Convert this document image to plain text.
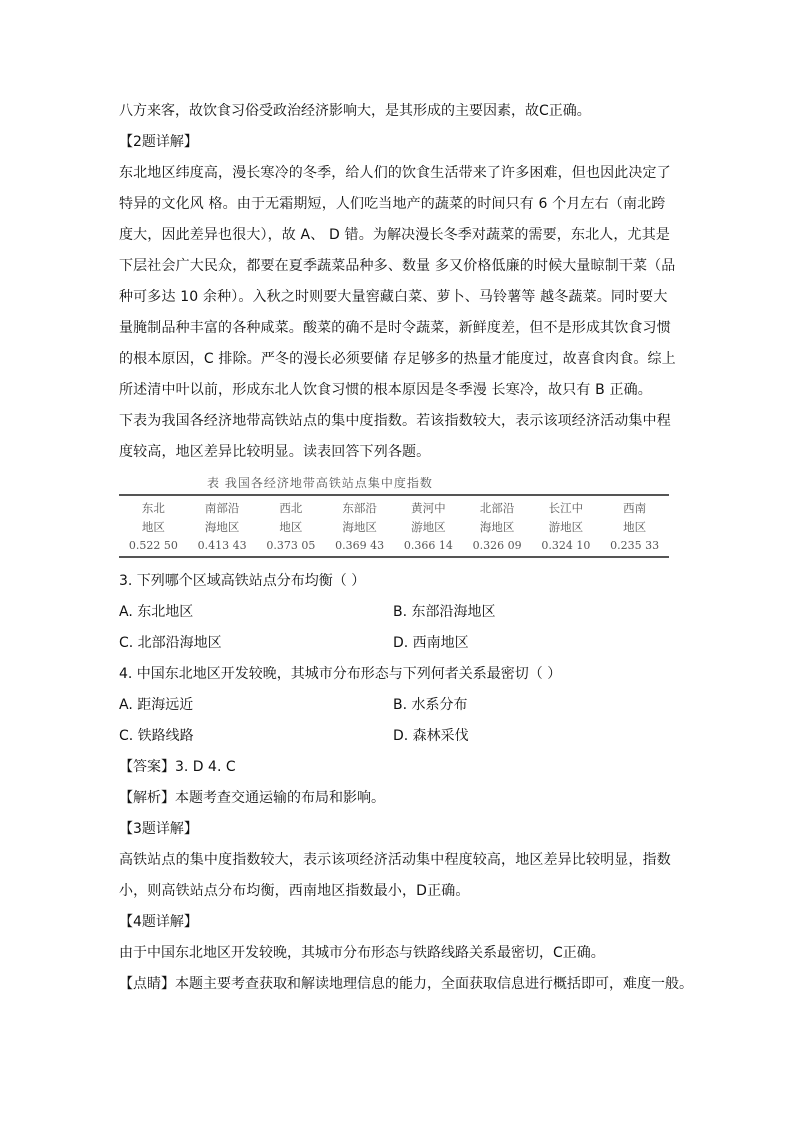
八方来客，故饮食习俗受政治经济影响大，是其形成的主要因素，故C正确。

【2题详解】

东北地区纬度高，漫长寒冷的冬季，给人们的饮食生活带来了许多困难，但也因此决定了特异的文化风 格。由于无霜期短，人们吃当地产的蔬菜的时间只有 6 个月左右（南北跨度大，因此差异也很大），故 A、 D 错。为解决漫长冬季对蔬菜的需要，东北人，尤其是下层社会广大民众，都要在夏季蔬菜品种多、数量 多又价格低廉的时候大量晾制干菜（品种可多达 10 余种）。入秋之时则要大量窖藏白菜、萝卜、马铃薯等 越冬蔬菜。同时要大量腌制品种丰富的各种咸菜。酸菜的确不是时令蔬菜，新鲜度差，但不是形成其饮食习惯的根本原因，C 排除。严冬的漫长必须要储 存足够多的热量才能度过，故喜食肉食。综上所述清中叶以前，形成东北人饮食习惯的根本原因是冬季漫 长寒冷，故只有 B 正确。

下表为我国各经济地带高铁站点的集中度指数。若该指数较大，表示该项经济活动集中程度较高，地区差异比较明显。读表回答下列各题。

表 我国各经济地带高铁站点集中度指数
东北	南部沿	西北	东部沿	黄河中	北部沿	长江中	西南
地区	海地区	地区	海地区	游地区	海地区	游地区	地区
0.522 50	0.413 43	0.373 05	0.369 43	0.366 14	0.326 09	0.324 10	0.235 33

3. 下列哪个区域高铁站点分布均衡（ ）

A. 东北地区	B. 东部沿海地区
C. 北部沿海地区	D. 西南地区

4. 中国东北地区开发较晚，其城市分布形态与下列何者关系最密切（ ）

A. 距海远近	B. 水系分布
C. 铁路线路	D. 森林采伐

【答案】3. D 4. C

【解析】本题考查交通运输的布局和影响。

【3题详解】

高铁站点的集中度指数较大，表示该项经济活动集中程度较高，地区差异比较明显，指数小，则高铁站点分布均衡，西南地区指数最小，D正确。

【4题详解】

由于中国东北地区开发较晚，其城市分布形态与铁路线路关系最密切，C正确。

【点睛】本题主要考查获取和解读地理信息的能力，全面获取信息进行概括即可，难度一般。
